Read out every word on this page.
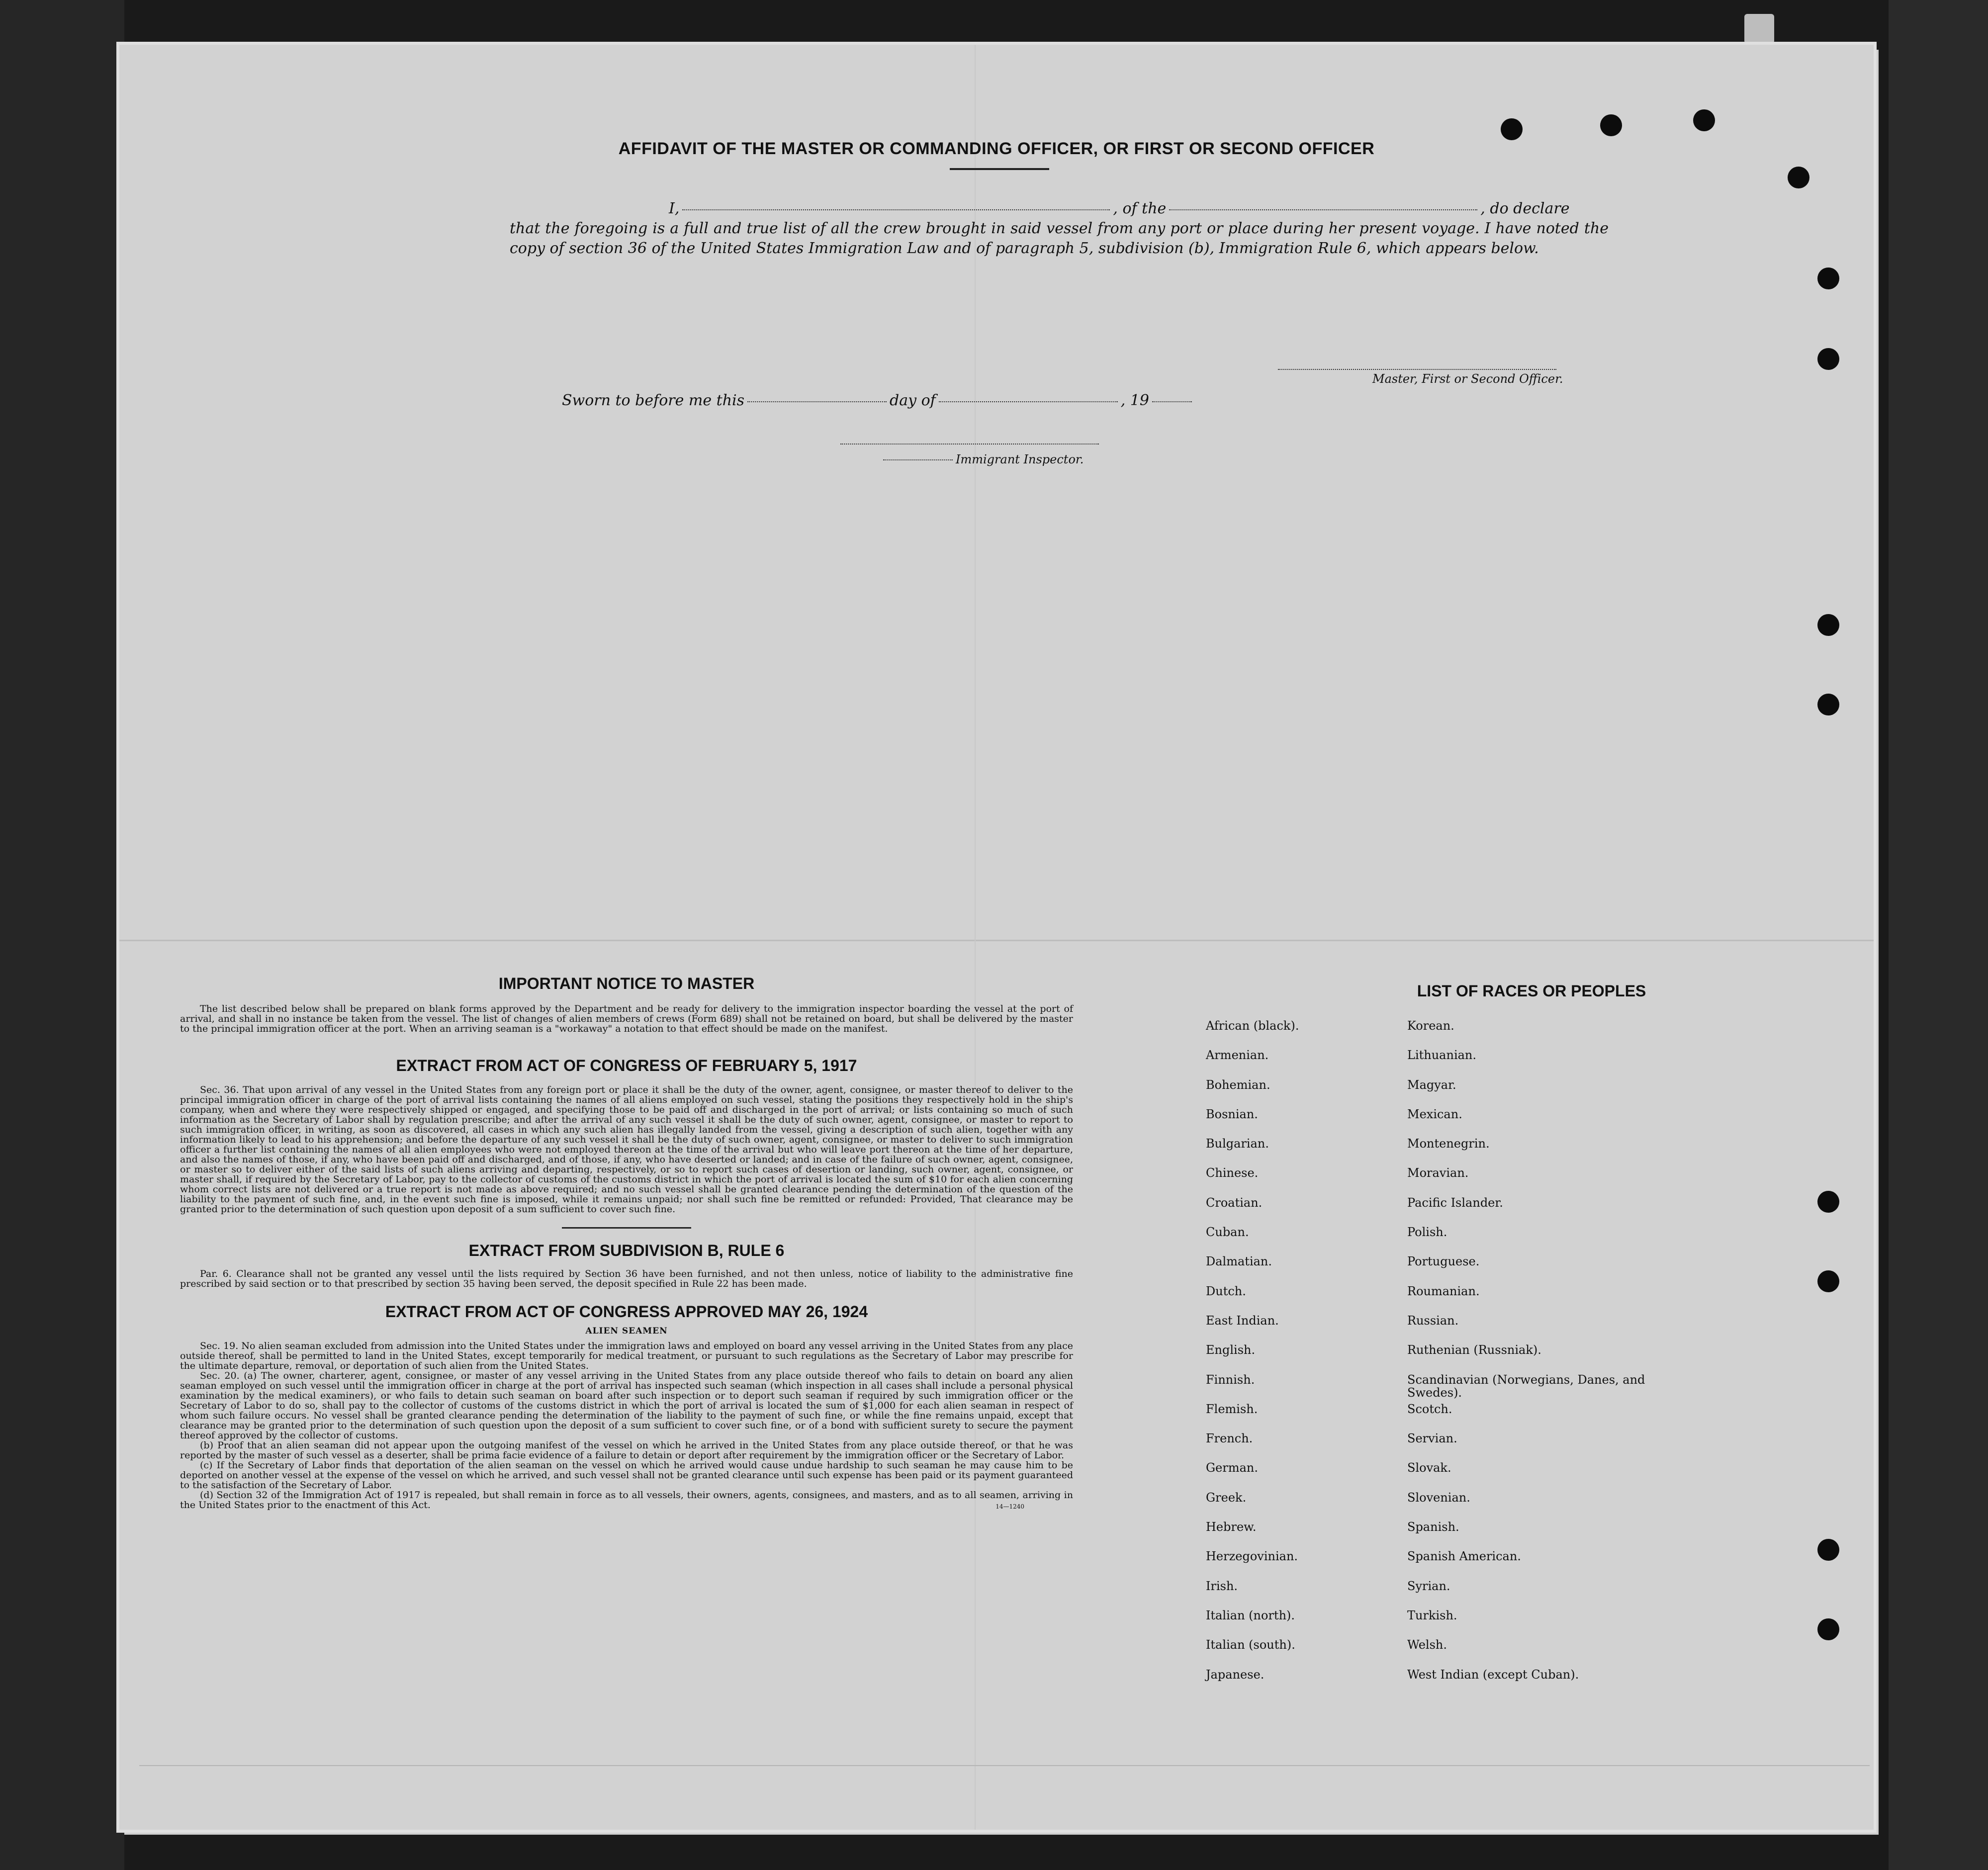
AFFIDAVIT OF THE MASTER OR COMMANDING OFFICER, OR FIRST OR SECOND OFFICER
I,	, of the	, do declare
that the foregoing is a full and true list of all the crew brought in said vessel from any port or place during her present voyage. I have noted the copy of section 36 of the United States Immigration Law and of paragraph 5, subdivision (b), Immigration Rule 6, which appears below.
Master, First or Second Officer.
Sworn to before me this	day of	, 19
Immigrant Inspector.
IMPORTANT NOTICE TO MASTER

The list described below shall be prepared on blank forms approved by the Department and be ready for delivery to the immigration inspector boarding the vessel at the port of arrival, and shall in no instance be taken from the vessel. The list of changes of alien members of crews (Form 689) shall not be retained on board, but shall be delivered by the master to the principal immigration officer at the port. When an arriving seaman is a "workaway" a notation to that effect should be made on the manifest.

EXTRACT FROM ACT OF CONGRESS OF FEBRUARY 5, 1917

Sec. 36. That upon arrival of any vessel in the United States from any foreign port or place it shall be the duty of the owner, agent, consignee, or master thereof to deliver to the principal immigration officer in charge of the port of arrival lists containing the names of all aliens employed on such vessel, stating the positions they respectively hold in the ship's company, when and where they were respectively shipped or engaged, and specifying those to be paid off and discharged in the port of arrival; or lists containing so much of such information as the Secretary of Labor shall by regulation prescribe; and after the arrival of any such vessel it shall be the duty of such owner, agent, consignee, or master to report to such immigration officer, in writing, as soon as discovered, all cases in which any such alien has illegally landed from the vessel, giving a description of such alien, together with any information likely to lead to his apprehension; and before the departure of any such vessel it shall be the duty of such owner, agent, consignee, or master to deliver to such immigration officer a further list containing the names of all alien employees who were not employed thereon at the time of the arrival but who will leave port thereon at the time of her departure, and also the names of those, if any, who have been paid off and discharged, and of those, if any, who have deserted or landed; and in case of the failure of such owner, agent, consignee, or master so to deliver either of the said lists of such aliens arriving and departing, respectively, or so to report such cases of desertion or landing, such owner, agent, consignee, or master shall, if required by the Secretary of Labor, pay to the collector of customs of the customs district in which the port of arrival is located the sum of $10 for each alien concerning whom correct lists are not delivered or a true report is not made as above required; and no such vessel shall be granted clearance pending the determination of the question of the liability to the payment of such fine, and, in the event such fine is imposed, while it remains unpaid; nor shall such fine be remitted or refunded: Provided, That clearance may be granted prior to the determination of such question upon deposit of a sum sufficient to cover such fine.

EXTRACT FROM SUBDIVISION B, RULE 6

Par. 6. Clearance shall not be granted any vessel until the lists required by Section 36 have been furnished, and not then unless, notice of liability to the administrative fine prescribed by said section or to that prescribed by section 35 having been served, the deposit specified in Rule 22 has been made.

EXTRACT FROM ACT OF CONGRESS APPROVED MAY 26, 1924
ALIEN SEAMEN

Sec. 19. No alien seaman excluded from admission into the United States under the immigration laws and employed on board any vessel arriving in the United States from any place outside thereof, shall be permitted to land in the United States, except temporarily for medical treatment, or pursuant to such regulations as the Secretary of Labor may prescribe for the ultimate departure, removal, or deportation of such alien from the United States.

Sec. 20. (a) The owner, charterer, agent, consignee, or master of any vessel arriving in the United States from any place outside thereof who fails to detain on board any alien seaman employed on such vessel until the immigration officer in charge at the port of arrival has inspected such seaman (which inspection in all cases shall include a personal physical examination by the medical examiners), or who fails to detain such seaman on board after such inspection or to deport such seaman if required by such immigration officer or the Secretary of Labor to do so, shall pay to the collector of customs of the customs district in which the port of arrival is located the sum of $1,000 for each alien seaman in respect of whom such failure occurs. No vessel shall be granted clearance pending the determination of the liability to the payment of such fine, or while the fine remains unpaid, except that clearance may be granted prior to the determination of such question upon the deposit of a sum sufficient to cover such fine, or of a bond with sufficient surety to secure the payment thereof approved by the collector of customs.

(b) Proof that an alien seaman did not appear upon the outgoing manifest of the vessel on which he arrived in the United States from any place outside thereof, or that he was reported by the master of such vessel as a deserter, shall be prima facie evidence of a failure to detain or deport after requirement by the immigration officer or the Secretary of Labor.

(c) If the Secretary of Labor finds that deportation of the alien seaman on the vessel on which he arrived would cause undue hardship to such seaman he may cause him to be deported on another vessel at the expense of the vessel on which he arrived, and such vessel shall not be granted clearance until such expense has been paid or its payment guaranteed to the satisfaction of the Secretary of Labor.

(d) Section 32 of the Immigration Act of 1917 is repealed, but shall remain in force as to all vessels, their owners, agents, consignees, and masters, and as to all seamen, arriving in the United States prior to the enactment of this Act.	14—1240
LIST OF RACES OR PEOPLES
African (black).	Korean.
Armenian.	Lithuanian.
Bohemian.	Magyar.
Bosnian.	Mexican.
Bulgarian.	Montenegrin.
Chinese.	Moravian.
Croatian.	Pacific Islander.
Cuban.	Polish.
Dalmatian.	Portuguese.
Dutch.	Roumanian.
East Indian.	Russian.
English.	Ruthenian (Russniak).
Finnish.	Scandinavian (Norwegians, Danes, and Swedes).
Flemish.	Scotch.
French.	Servian.
German.	Slovak.
Greek.	Slovenian.
Hebrew.	Spanish.
Herzegovinian.	Spanish American.
Irish.	Syrian.
Italian (north).	Turkish.
Italian (south).	Welsh.
Japanese.	West Indian (except Cuban).
